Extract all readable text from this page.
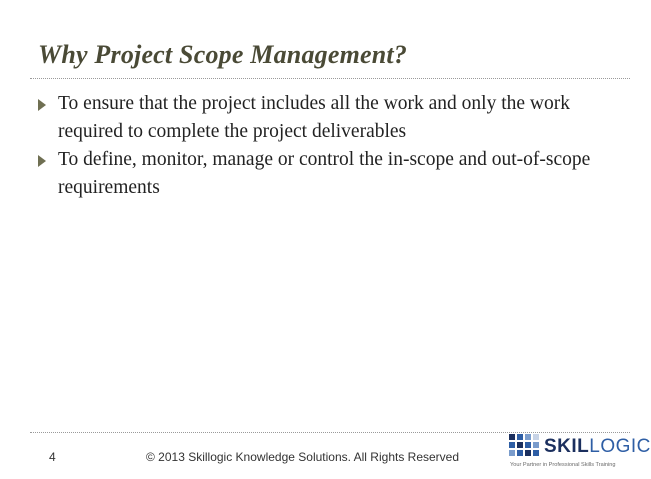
Why Project Scope Management?
To ensure that the project includes all the work and only the work required to complete the project deliverables
To define, monitor, manage or control the in-scope and out-of-scope requirements
4	© 2013 Skillogic Knowledge Solutions. All Rights Reserved	SKILLOGIC
Your Partner in Professional Skills Training
